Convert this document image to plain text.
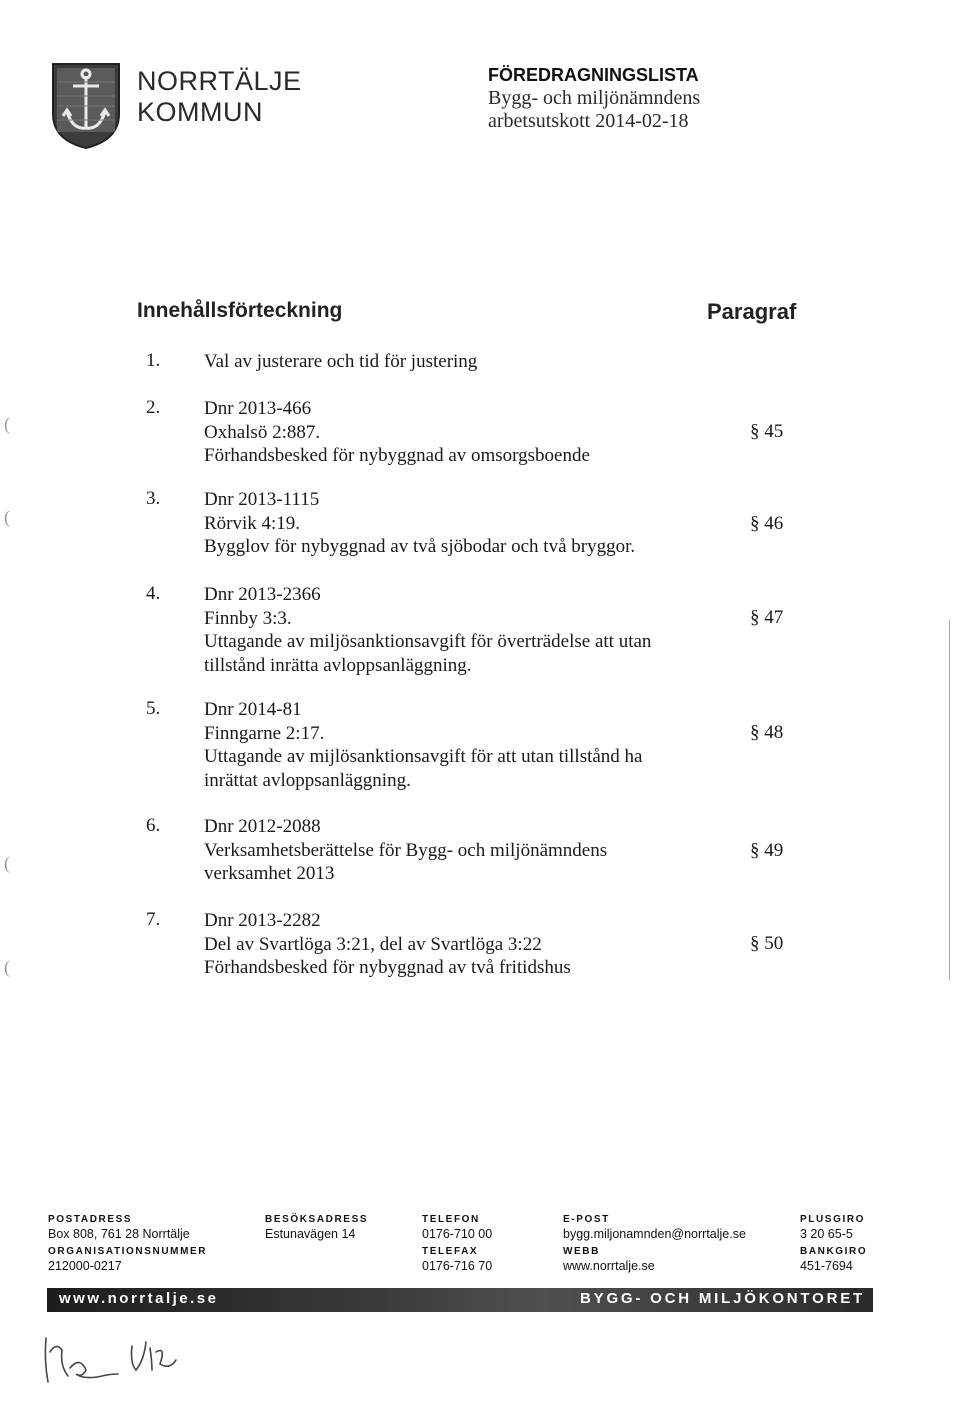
NORRTÄLJE
KOMMUN
FÖREDRAGNINGSLISTA
Bygg- och miljönämndens
arbetsutskott 2014-02-18
Innehållsförteckning	Paragraf
1. Val av justerare och tid för justering
2. Dnr 2013-466
Oxhalsö 2:887.
Förhandsbesked för nybyggnad av omsorgsboende
§ 45
3. Dnr 2013-1115
Rörvik 4:19.
Bygglov för nybyggnad av två sjöbodar och två bryggor.
§ 46
4. Dnr 2013-2366
Finnby 3:3.
Uttagande av miljösanktionsavgift för överträdelse att utan
tillstånd inrätta avloppsanläggning.
§ 47
5. Dnr 2014-81
Finngarne 2:17.
Uttagande av mijlösanktionsavgift för att utan tillstånd ha
inrättat avloppsanläggning.
§ 48
6. Dnr 2012-2088
Verksamhetsberättelse för Bygg- och miljönämndens
verksamhet 2013
§ 49
7. Dnr 2013-2282
Del av Svartlöga 3:21, del av Svartlöga 3:22
Förhandsbesked för nybyggnad av två fritidshus
§ 50
(
(
(
(
POSTADRESS
Box 808, 761 28 Norrtälje
ORGANISATIONSNUMMER
212000-0217
BESÖKSADRESS
Estunavägen 14
TELEFON
0176-710 00
TELEFAX
0176-716 70
E-POST
bygg.miljonamnden@norrtalje.se
WEBB
www.norrtalje.se
PLUSGIRO
3 20 65-5
BANKGIRO
451-7694
www.norrtalje.se	BYGG- OCH MILJÖKONTORET
